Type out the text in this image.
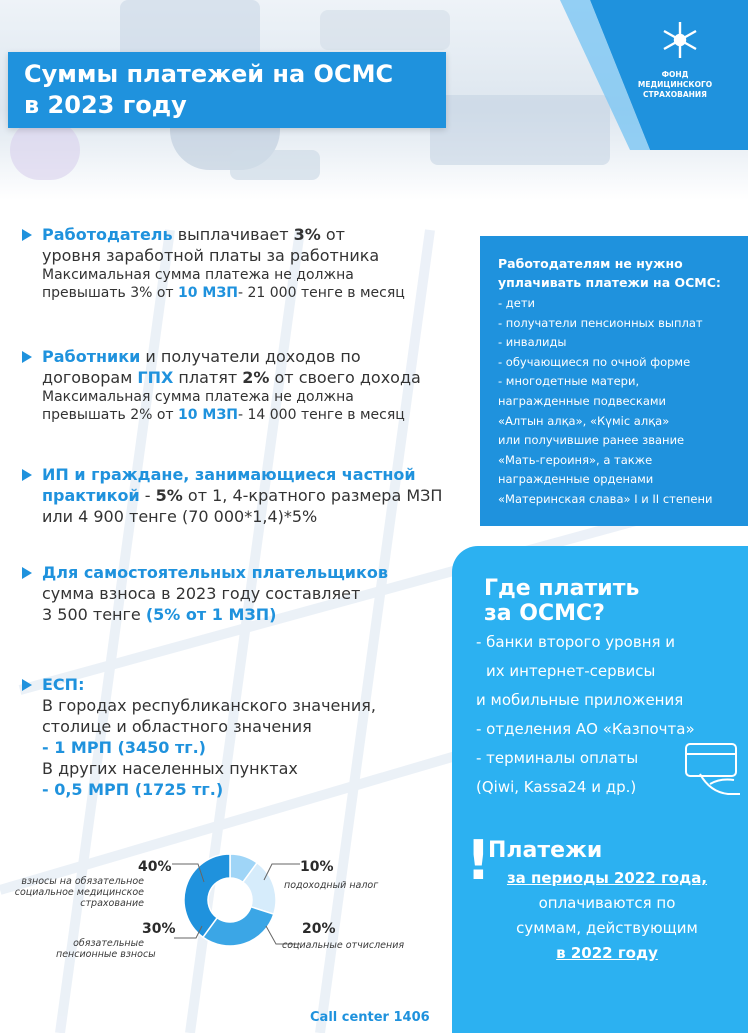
ФОНД
МЕДИЦИНСКОГО
СТРАХОВАНИЯ
Суммы платежей на ОСМС
в 2023 году
Работодатель выплачивает 3% от
уровня заработной платы за работника
Максимальная сумма платежа не должна
превышать 3% от 10 МЗП- 21 000 тенге в месяц
Работники и получатели доходов по
договорам ГПХ платят 2% от своего дохода
Максимальная сумма платежа не должна
превышать 2% от 10 МЗП- 14 000 тенге в месяц
ИП и граждане, занимающиеся частной
практикой - 5% от 1, 4-кратного размера МЗП
или 4 900 тенге (70 000*1,4)*5%
Для самостоятельных плательщиков
сумма взноса в 2023 году составляет
3 500 тенге (5% от 1 МЗП)
ЕСП:
В городах республиканского значения,
столице и областного значения
- 1 МРП (3450 тг.)
В других населенных пунктах
- 0,5 МРП (1725 тг.)
Работодателям не нужно
уплачивать платежи на ОСМС:
- дети
- получатели пенсионных выплат
- инвалиды
- обучающиеся по очной форме
- многодетные матери,
награжденные подвесками
«Алтын алқа», «Күміс алқа»
или получившие ранее звание
«Мать-героиня», а также
награжденные орденами
«Материнская слава» I и II степени
Где платить
за ОСМС?
- банки второго уровня и
их интернет-сервисы
и мобильные приложения
- отделения АО «Казпочта»
- терминалы оплаты
(Qiwi, Kassa24 и др.)
!
Платежи
за периоды 2022 года,
оплачиваются по
суммам, действующим
в 2022 году
40%
взносы на обязательное
социальное медицинское
страхование
10%
подоходный налог
20%
социальные отчисления
30%
обязательные
пенсионные взносы
Call center 1406
